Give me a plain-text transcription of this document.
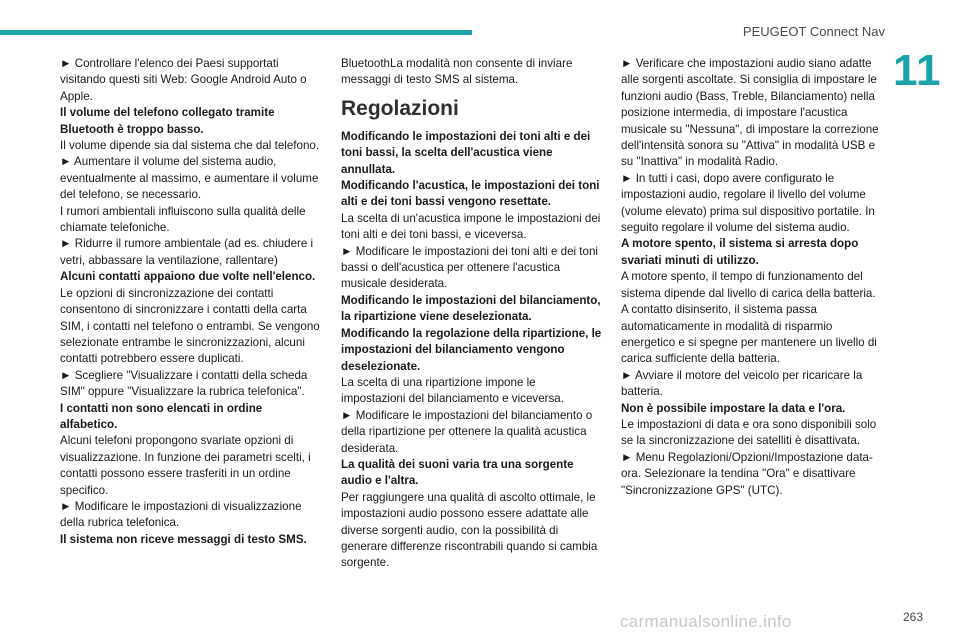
PEUGEOT Connect Nav
11

► Controllare l'elenco dei Paesi supportati visitando questi siti Web: Google Android Auto o Apple.

Il volume del telefono collegato tramite Bluetooth è troppo basso.

Il volume dipende sia dal sistema che dal telefono.

► Aumentare il volume del sistema audio, eventualmente al massimo, e aumentare il volume del telefono, se necessario.

I rumori ambientali influiscono sulla qualità delle chiamate telefoniche.

► Ridurre il rumore ambientale (ad es. chiudere i vetri, abbassare la ventilazione, rallentare)

Alcuni contatti appaiono due volte nell'elenco.

Le opzioni di sincronizzazione dei contatti consentono di sincronizzare i contatti della carta SIM, i contatti nel telefono o entrambi. Se vengono selezionate entrambe le sincronizzazioni, alcuni contatti potrebbero essere duplicati.

► Scegliere "Visualizzare i contatti della scheda SIM" oppure "Visualizzare la rubrica telefonica".

I contatti non sono elencati in ordine alfabetico.

Alcuni telefoni propongono svariate opzioni di visualizzazione. In funzione dei parametri scelti, i contatti possono essere trasferiti in un ordine specifico.

► Modificare le impostazioni di visualizzazione della rubrica telefonica.

Il sistema non riceve messaggi di testo SMS.

BluetoothLa modalità non consente di inviare messaggi di testo SMS al sistema.

Regolazioni

Modificando le impostazioni dei toni alti e dei toni bassi, la scelta dell'acustica viene annullata.

Modificando l'acustica, le impostazioni dei toni alti e dei toni bassi vengono resettate.

La scelta di un'acustica impone le impostazioni dei toni alti e dei toni bassi, e viceversa.

► Modificare le impostazioni dei toni alti e dei toni bassi o dell'acustica per ottenere l'acustica musicale desiderata.

Modificando le impostazioni del bilanciamento, la ripartizione viene deselezionata.

Modificando la regolazione della ripartizione, le impostazioni del bilanciamento vengono deselezionate.

La scelta di una ripartizione impone le impostazioni del bilanciamento e viceversa.

► Modificare le impostazioni del bilanciamento o della ripartizione per ottenere la qualità acustica desiderata.

La qualità dei suoni varia tra una sorgente audio e l'altra.

Per raggiungere una qualità di ascolto ottimale, le impostazioni audio possono essere adattate alle diverse sorgenti audio, con la possibilità di generare differenze riscontrabili quando si cambia sorgente.

► Verificare che impostazioni audio siano adatte alle sorgenti ascoltate. Si consiglia di impostare le funzioni audio (Bass, Treble, Bilanciamento) nella posizione intermedia, di impostare l'acustica musicale su "Nessuna", di impostare la correzione dell'intensità sonora su "Attiva" in modalità USB e su "Inattiva" in modalità Radio.

► In tutti i casi, dopo avere configurato le impostazioni audio, regolare il livello del volume (volume elevato) prima sul dispositivo portatile. In seguito regolare il volume del sistema audio.

A motore spento, il sistema si arresta dopo svariati minuti di utilizzo.

A motore spento, il tempo di funzionamento del sistema dipende dal livello di carica della batteria.

A contatto disinserito, il sistema passa automaticamente in modalità di risparmio energetico e si spegne per mantenere un livello di carica sufficiente della batteria.

► Avviare il motore del veicolo per ricaricare la batteria.

Non è possibile impostare la data e l'ora.

Le impostazioni di data e ora sono disponibili solo se la sincronizzazione dei satelliti è disattivata.

► Menu Regolazioni/Opzioni/Impostazione data-ora. Selezionare la tendina "Ora" e disattivare "Sincronizzazione GPS" (UTC).

carmanualsonline.info	263
